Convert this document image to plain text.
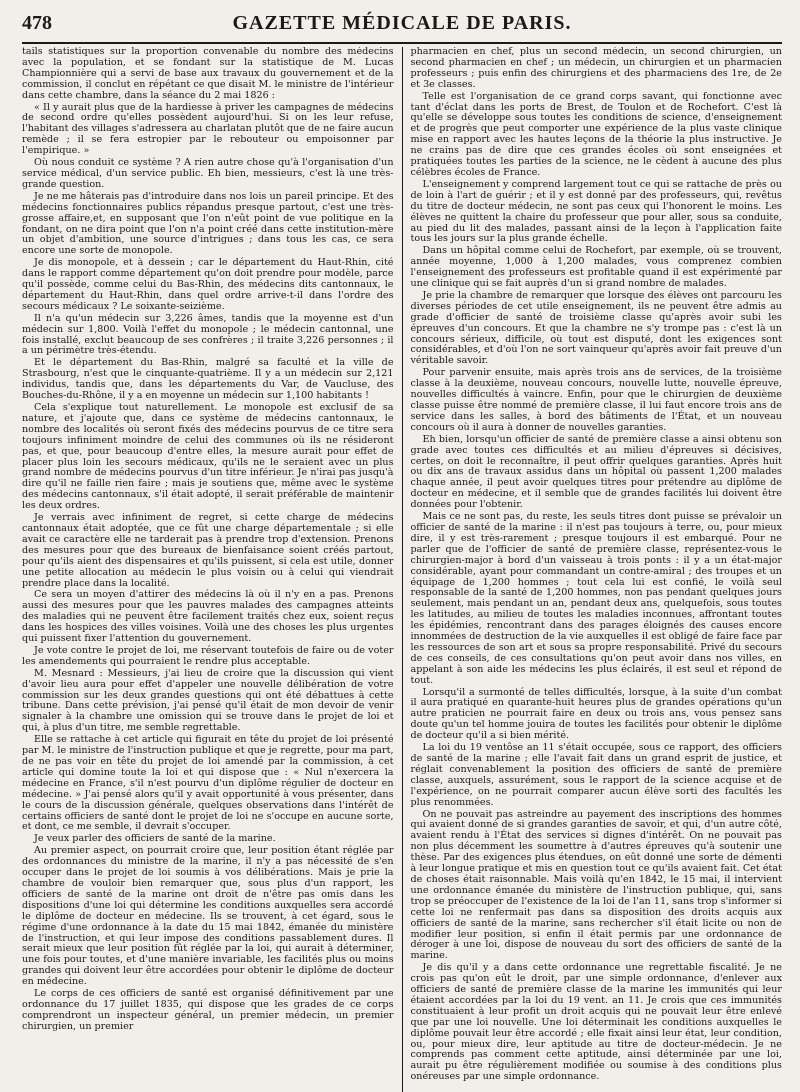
478	GAZETTE MÉDICALE DE PARIS.

tails statistiques sur la proportion convenable du nombre des médecins avec la population, et se fondant sur la statistique de M. Lucas Championnière qui a servi de base aux travaux du gouvernement et de la commission, il conclut en répétant ce que disait M. le ministre de l'intérieur dans cette chambre, dans la séance du 2 mai 1826 :

« Il y aurait plus que de la hardiesse à priver les campagnes de médecins de second ordre qu'elles possèdent aujourd'hui. Si on les leur refuse, l'habitant des villages s'adressera au charlatan plutôt que de ne faire aucun remède ; il se fera estropier par le rebouteur ou empoisonner par l'empirique. »

Où nous conduit ce système ? A rien autre chose qu'à l'organisation d'un service médical, d'un service public. Eh bien, messieurs, c'est là une très-grande question.

Je ne me hâterais pas d'introduire dans nos lois un pareil principe. Et des médecins fonctionnaires publics répandus presque partout, c'est une très-grosse affaire,et, en supposant que l'on n'eût point de vue politique en la fondant, on ne dira point que l'on n'a point créé dans cette institution-mère un objet d'ambition, une source d'intrigues ; dans tous les cas, ce sera encore une sorte de monopole.

Je dis monopole, et à dessein ; car le département du Haut-Rhin, cité dans le rapport comme département qu'on doit prendre pour modèle, parce qu'il possède, comme celui du Bas-Rhin, des médecins dits cantonnaux, le département du Haut-Rhin, dans quel ordre arrive-t-il dans l'ordre des secours médicaux ? Le soixante-seizième.

Il n'a qu'un médecin sur 3,226 âmes, tandis que la moyenne est d'un médecin sur 1,800. Voilà l'effet du monopole ; le médecin cantonnal, une fois installé, exclut beaucoup de ses confrères ; il traite 3,226 personnes ; il a un périmètre très-étendu.

Et le département du Bas-Rhin, malgré sa faculté et la ville de Strasbourg, n'est que le cinquante-quatrième. Il y a un médecin sur 2,121 individus, tandis que, dans les départements du Var, de Vaucluse, des Bouches-du-Rhône, il y a en moyenne un médecin sur 1,100 habitants !

Cela s'explique tout naturellement. Le monopole est exclusif de sa nature, et j'ajoute que, dans ce système de médecins cantonnaux, le nombre des localités où seront fixés des médecins pourvus de ce titre sera toujours infiniment moindre de celui des communes où ils ne résideront pas, et que, pour beaucoup d'entre elles, la mesure aurait pour effet de placer plus loin les secours médicaux, qu'ils ne le seraient avec un plus grand nombre de médecins pourvus d'un titre inférieur. Je n'irai pas jusqu'à dire qu'il ne faille rien faire ; mais je soutiens que, même avec le système des médecins cantonnaux, s'il était adopté, il serait préférable de maintenir les deux ordres.

Je verrais avec infiniment de regret, si cette charge de médecins cantonnaux était adoptée, que ce fût une charge départementale ; si elle avait ce caractère elle ne tarderait pas à prendre trop d'extension. Prenons des mesures pour que des bureaux de bienfaisance soient créés partout, pour qu'ils aient des dispensaires et qu'ils puissent, si cela est utile, donner une petite allocation au médecin le plus voisin ou à celui qui viendrait prendre place dans la localité.

Ce sera un moyen d'attirer des médecins là où il n'y en a pas. Prenons aussi des mesures pour que les pauvres malades des campagnes atteints des maladies qui ne peuvent être facilement traités chez eux, soient reçus dans les hospices des villes voisines. Voilà une des choses les plus urgentes qui puissent fixer l'attention du gouvernement.

Je vote contre le projet de loi, me réservant toutefois de faire ou de voter les amendements qui pourraient le rendre plus acceptable.

M. Mesnard : Messieurs, j'ai lieu de croire que la discussion qui vient d'avoir lieu aura pour effet d'appeler une nouvelle délibération de votre commission sur les deux grandes questions qui ont été débattues à cette tribune. Dans cette prévision, j'ai pensé qu'il était de mon devoir de venir signaler à la chambre une omission qui se trouve dans le projet de loi et qui, à plus d'un titre, me semble regrettable.

Elle se rattache à cet article qui figurait en tête du projet de loi présenté par M. le ministre de l'instruction publique et que je regrette, pour ma part, de ne pas voir en tête du projet de loi amendé par la commission, à cet article qui domine toute la loi et qui dispose que : « Nul n'exercera la médecine en France, s'il n'est pourvu d'un diplôme régulier de docteur en médecine. » J'ai pensé alors qu'il y avait opportunité à vous présenter, dans le cours de la discussion générale, quelques observations dans l'intérêt de certains officiers de santé dont le projet de loi ne s'occupe en aucune sorte, et dont, ce me semble, il devrait s'occuper.

Je veux parler des officiers de santé de la marine.

Au premier aspect, on pourrait croire que, leur position étant réglée par des ordonnances du ministre de la marine, il n'y a pas nécessité de s'en occuper dans le projet de loi soumis à vos délibérations. Mais je prie la chambre de vouloir bien remarquer que, sous plus d'un rapport, les officiers de santé de la marine ont droit de n'être pas omis dans les dispositions d'une loi qui détermine les conditions auxquelles sera accordé le diplôme de docteur en médecine. Ils se trouvent, à cet égard, sous le régime d'une ordonnance à la date du 15 mai 1842, émanée du ministère de l'instruction, et qui leur impose des conditions passablement dures. Il serait mieux que leur position fût réglée par la loi, qui aurait à déterminer, une fois pour toutes, et d'une manière invariable, les facilités plus ou moins grandes qui doivent leur être accordées pour obtenir le diplôme de docteur en médecine.

Le corps de ces officiers de santé est organisé définitivement par une ordonnance du 17 juillet 1835, qui dispose que les grades de ce corps comprendront un inspecteur général, un premier médecin, un premier chirurgien, un premier

pharmacien en chef, plus un second médecin, un second chirurgien, un second pharmacien en chef ; un médecin, un chirurgien et un pharmacien professeurs ; puis enfin des chirurgiens et des pharmaciens des 1re, de 2e et 3e classes.

Telle est l'organisation de ce grand corps savant, qui fonctionne avec tant d'éclat dans les ports de Brest, de Toulon et de Rochefort. C'est là qu'elle se développe sous toutes les conditions de science, d'enseignement et de progrès que peut comporter une expérience de la plus vaste clinique mise en rapport avec les hautes leçons de la théorie la plus instructive. Je ne crains pas de dire que ces grandes écoles où sont enseignées et pratiquées toutes les parties de la science, ne le cèdent à aucune des plus célèbres écoles de France.

L'enseignement y comprend largement tout ce qui se rattache de près ou de loin à l'art de guérir ; et il y est donné par des professeurs, qui, revêtus du titre de docteur médecin, ne sont pas ceux qui l'honorent le moins. Les élèves ne quittent la chaire du professeur que pour aller, sous sa conduite, au pied du lit des malades, passant ainsi de la leçon à l'application faite tous les jours sur la plus grande échelle.

Dans un hôpital comme celui de Rochefort, par exemple, où se trouvent, année moyenne, 1,000 à 1,200 malades, vous comprenez combien l'enseignement des professeurs est profitable quand il est expérimenté par une clinique qui se fait auprès d'un si grand nombre de malades.

Je prie la chambre de remarquer que lorsque des élèves ont parcouru les diverses périodes de cet utile enseignement, ils ne peuvent être admis au grade d'officier de santé de troisième classe qu'après avoir subi les épreuves d'un concours. Et que la chambre ne s'y trompe pas : c'est là un concours sérieux, difficile, où tout est disputé, dont les exigences sont considérables, et d'où l'on ne sort vainqueur qu'après avoir fait preuve d'un véritable savoir.

Pour parvenir ensuite, mais après trois ans de services, de la troisième classe à la deuxième, nouveau concours, nouvelle lutte, nouvelle épreuve, nouvelles difficultés à vaincre. Enfin, pour que le chirurgien de deuxième classe puisse être nommé de première classe, il lui faut encore trois ans de service dans les salles, à bord des bâtiments de l'État, et un nouveau concours où il aura à donner de nouvelles garanties.

Eh bien, lorsqu'un officier de santé de première classe a ainsi obtenu son grade avec toutes ces difficultés et au milieu d'épreuves si décisives, certes, on doit le reconnaître, il peut offrir quelques garanties. Après huit ou dix ans de travaux assidus dans un hôpital où passent 1,200 malades chaque année, il peut avoir quelques titres pour prétendre au diplôme de docteur en médecine, et il semble que de grandes facilités lui doivent être données pour l'obtenir.

Mais ce ne sont pas, du reste, les seuls titres dont puisse se prévaloir un officier de santé de la marine : il n'est pas toujours à terre, ou, pour mieux dire, il y est très-rarement ; presque toujours il est embarqué. Pour ne parler que de l'officier de santé de première classe, représentez-vous le chirurgien-major à bord d'un vaisseau à trois ponts : il y a un état-major considérable, ayant pour commandant un contre-amiral ; des troupes et un équipage de 1,200 hommes ; tout cela lui est confié, le voilà seul responsable de la santé de 1,200 hommes, non pas pendant quelques jours seulement, mais pendant un an, pendant deux ans, quelquefois, sous toutes les latitudes, au milieu de toutes les maladies inconnues, affrontant toutes les épidémies, rencontrant dans des parages éloignés des causes encore innommées de destruction de la vie auxquelles il est obligé de faire face par les ressources de son art et sous sa propre responsabilité. Privé du secours de ces conseils, de ces consultations qu'on peut avoir dans nos villes, en appelant à son aide les médecins les plus éclairés, il est seul et répond de tout.

Lorsqu'il a surmonté de telles difficultés, lorsque, à la suite d'un combat il aura pratiqué en quarante-huit heures plus de grandes opérations qu'un autre praticien ne pourrait faire en deux ou trois ans, vous pensez sans doute qu'un tel homme jouira de toutes les facilités pour obtenir le diplôme de docteur qu'il a si bien mérité.

La loi du 19 ventôse an 11 s'était occupée, sous ce rapport, des officiers de santé de la marine ; elle l'avait fait dans un grand esprit de justice, et réglait convenablement la position des officiers de santé de première classe, auxquels, assurément, sous le rapport de la science acquise et de l'expérience, on ne pourrait comparer aucun élève sorti des facultés les plus renommées.

On ne pouvait pas astreindre au payement des inscriptions des hommes qui avaient donné de si grandes garanties de savoir, et qui, d'un autre côté, avaient rendu à l'État des services si dignes d'intérêt. On ne pouvait pas non plus décemment les soumettre à d'autres épreuves qu'à soutenir une thèse. Par des exigences plus étendues, on eût donné une sorte de démenti à leur longue pratique et mis en question tout ce qu'ils avaient fait. Cet état de choses était raisonnable. Mais voilà qu'en 1842, le 15 mai, il intervient une ordonnance émanée du ministère de l'instruction publique, qui, sans trop se préoccuper de l'existence de la loi de l'an 11, sans trop s'informer si cette loi ne renfermait pas dans sa disposition des droits acquis aux officiers de santé de la marine, sans rechercher s'il était licite ou non de modifier leur position, si enfin il était permis par une ordonnance de déroger à une loi, dispose de nouveau du sort des officiers de santé de la marine.

Je dis qu'il y a dans cette ordonnance une regrettable fiscalité. Je ne crois pas qu'on eût le droit, par une simple ordonnance, d'enlever aux officiers de santé de première classe de la marine les immunités qui leur étaient accordées par la loi du 19 vent. an 11. Je crois que ces immunités constituaient à leur profit un droit acquis qui ne pouvait leur être enlevé que par une loi nouvelle. Une loi déterminait les conditions auxquelles le diplôme pouvait leur être accordé ; elle fixait ainsi leur état, leur condition, ou, pour mieux dire, leur aptitude au titre de docteur-médecin. Je ne comprends pas comment cette aptitude, ainsi déterminée par une loi, aurait pu être régulièrement modifiée ou soumise à des conditions plus onéreuses par une simple ordonnance.
